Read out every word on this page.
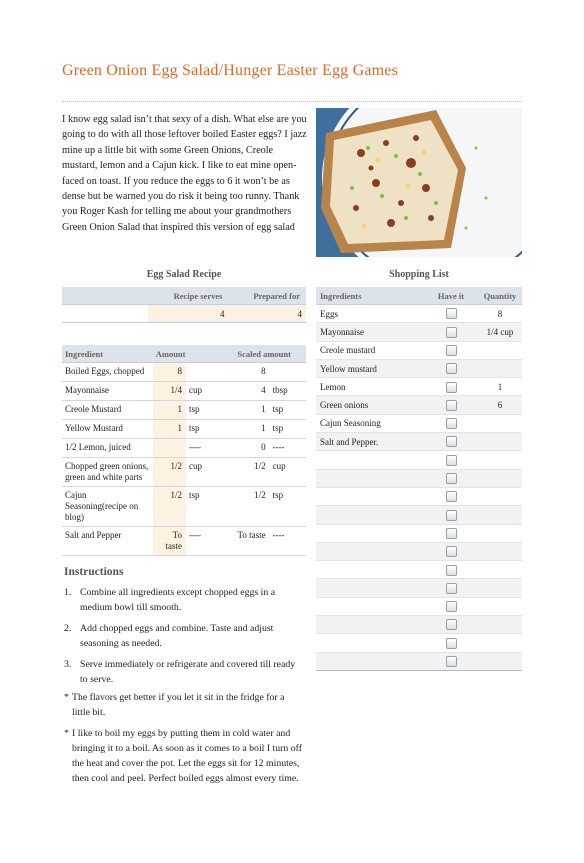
Green Onion Egg Salad/Hunger Easter Egg Games
I know egg salad isn’t that sexy of a dish. What else are you going to do with all those leftover boiled Easter eggs? I jazz mine up a little bit with some Green Onions, Creole mustard, lemon and a Cajun kick. I like to eat mine open-faced on toast. If you reduce the eggs to 6 it won’t be as dense but be warned you do risk it being too runny. Thank you Roger Kash for telling me about your grandmothers Green Onion Salad that inspired this version of egg salad
Egg Salad Recipe	Shopping List
	Recipe serves	Prepared for
	4	4
Ingredient	Amount		Scaled amount	
Boiled Eggs, chopped	8		8	
Mayonnaise	1/4	cup	4	tbsp
Creole Mustard	1	tsp	1	tsp
Yellow Mustard	1	tsp	1	tsp
1/2 Lemon, juiced		----	0	----
Chopped green onions, green and white parts	1/2	cup	1/2	cup
Cajun Seasoning(recipe on blog)	1/2	tsp	1/2	tsp
Salt and Pepper	To taste	----	To taste	----
Instructions
1. Combine all ingredients except chopped eggs in a medium bowl till smooth.
2. Add chopped eggs and combine. Taste and adjust seasoning as needed.
3. Serve immediately or refrigerate and covered till ready to serve.
* The flavors get better if you let it sit in the fridge for a little bit.
* I like to boil my eggs by putting them in cold water and bringing it to a boil. As soon as it comes to a boil I turn off the heat and cover the pot. Let the eggs sit for 12 minutes, then cool and peel. Perfect boiled eggs almost every time.
Ingredients	Have it	Quantity
Eggs		8
Mayonnaise		1/4 cup
Creole mustard		
Yellow mustard		
Lemon		1
Green onions		6
Cajun Seasoning		
Salt and Pepper.		
